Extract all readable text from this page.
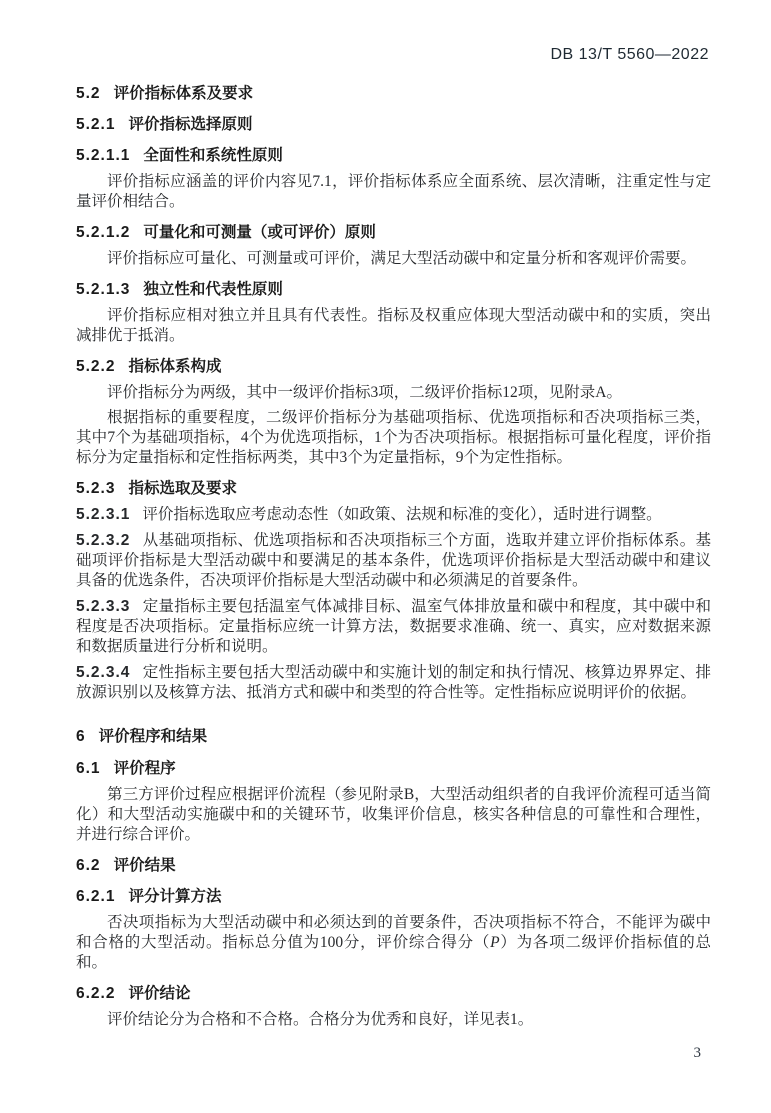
DB 13/T 5560—2022
5.2 评价指标体系及要求
5.2.1 评价指标选择原则
5.2.1.1 全面性和系统性原则

评价指标应涵盖的评价内容见7.1，评价指标体系应全面系统、层次清晰，注重定性与定量评价相结合。

5.2.1.2 可量化和可测量（或可评价）原则

评价指标应可量化、可测量或可评价，满足大型活动碳中和定量分析和客观评价需要。

5.2.1.3 独立性和代表性原则

评价指标应相对独立并且具有代表性。指标及权重应体现大型活动碳中和的实质，突出减排优于抵消。

5.2.2 指标体系构成

评价指标分为两级，其中一级评价指标3项，二级评价指标12项，见附录A。

根据指标的重要程度，二级评价指标分为基础项指标、优选项指标和否决项指标三类，其中7个为基础项指标，4个为优选项指标，1个为否决项指标。根据指标可量化程度，评价指标分为定量指标和定性指标两类，其中3个为定量指标，9个为定性指标。

5.2.3 指标选取及要求

5.2.3.1 评价指标选取应考虑动态性（如政策、法规和标准的变化），适时进行调整。

5.2.3.2 从基础项指标、优选项指标和否决项指标三个方面，选取并建立评价指标体系。基础项评价指标是大型活动碳中和要满足的基本条件，优选项评价指标是大型活动碳中和建议具备的优选条件，否决项评价指标是大型活动碳中和必须满足的首要条件。

5.2.3.3 定量指标主要包括温室气体减排目标、温室气体排放量和碳中和程度，其中碳中和程度是否决项指标。定量指标应统一计算方法，数据要求准确、统一、真实，应对数据来源和数据质量进行分析和说明。

5.2.3.4 定性指标主要包括大型活动碳中和实施计划的制定和执行情况、核算边界界定、排放源识别以及核算方法、抵消方式和碳中和类型的符合性等。定性指标应说明评价的依据。

6 评价程序和结果
6.1 评价程序

第三方评价过程应根据评价流程（参见附录B，大型活动组织者的自我评价流程可适当简化）和大型活动实施碳中和的关键环节，收集评价信息，核实各种信息的可靠性和合理性，并进行综合评价。

6.2 评价结果
6.2.1 评分计算方法

否决项指标为大型活动碳中和必须达到的首要条件，否决项指标不符合，不能评为碳中和合格的大型活动。指标总分值为100分，评价综合得分（P）为各项二级评价指标值的总和。

6.2.2 评价结论

评价结论分为合格和不合格。合格分为优秀和良好，详见表1。

3
